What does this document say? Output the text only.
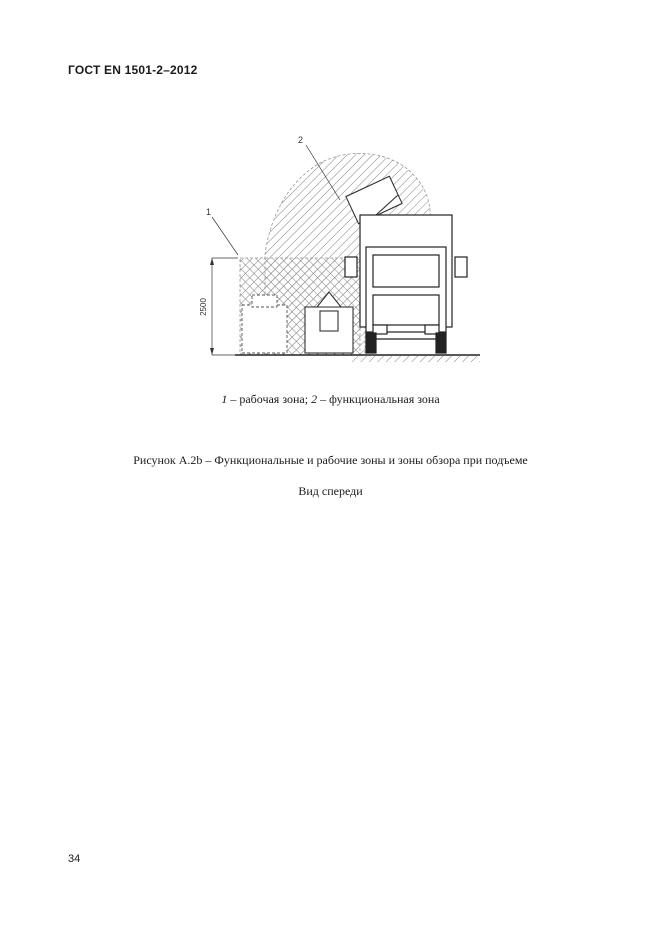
ГОСТ EN 1501-2–2012
2500
1
2
1 – рабочая зона; 2 – функциональная зона
Рисунок А.2b – Функциональные и рабочие зоны и зоны обзора при подъеме
Вид спереди
34
